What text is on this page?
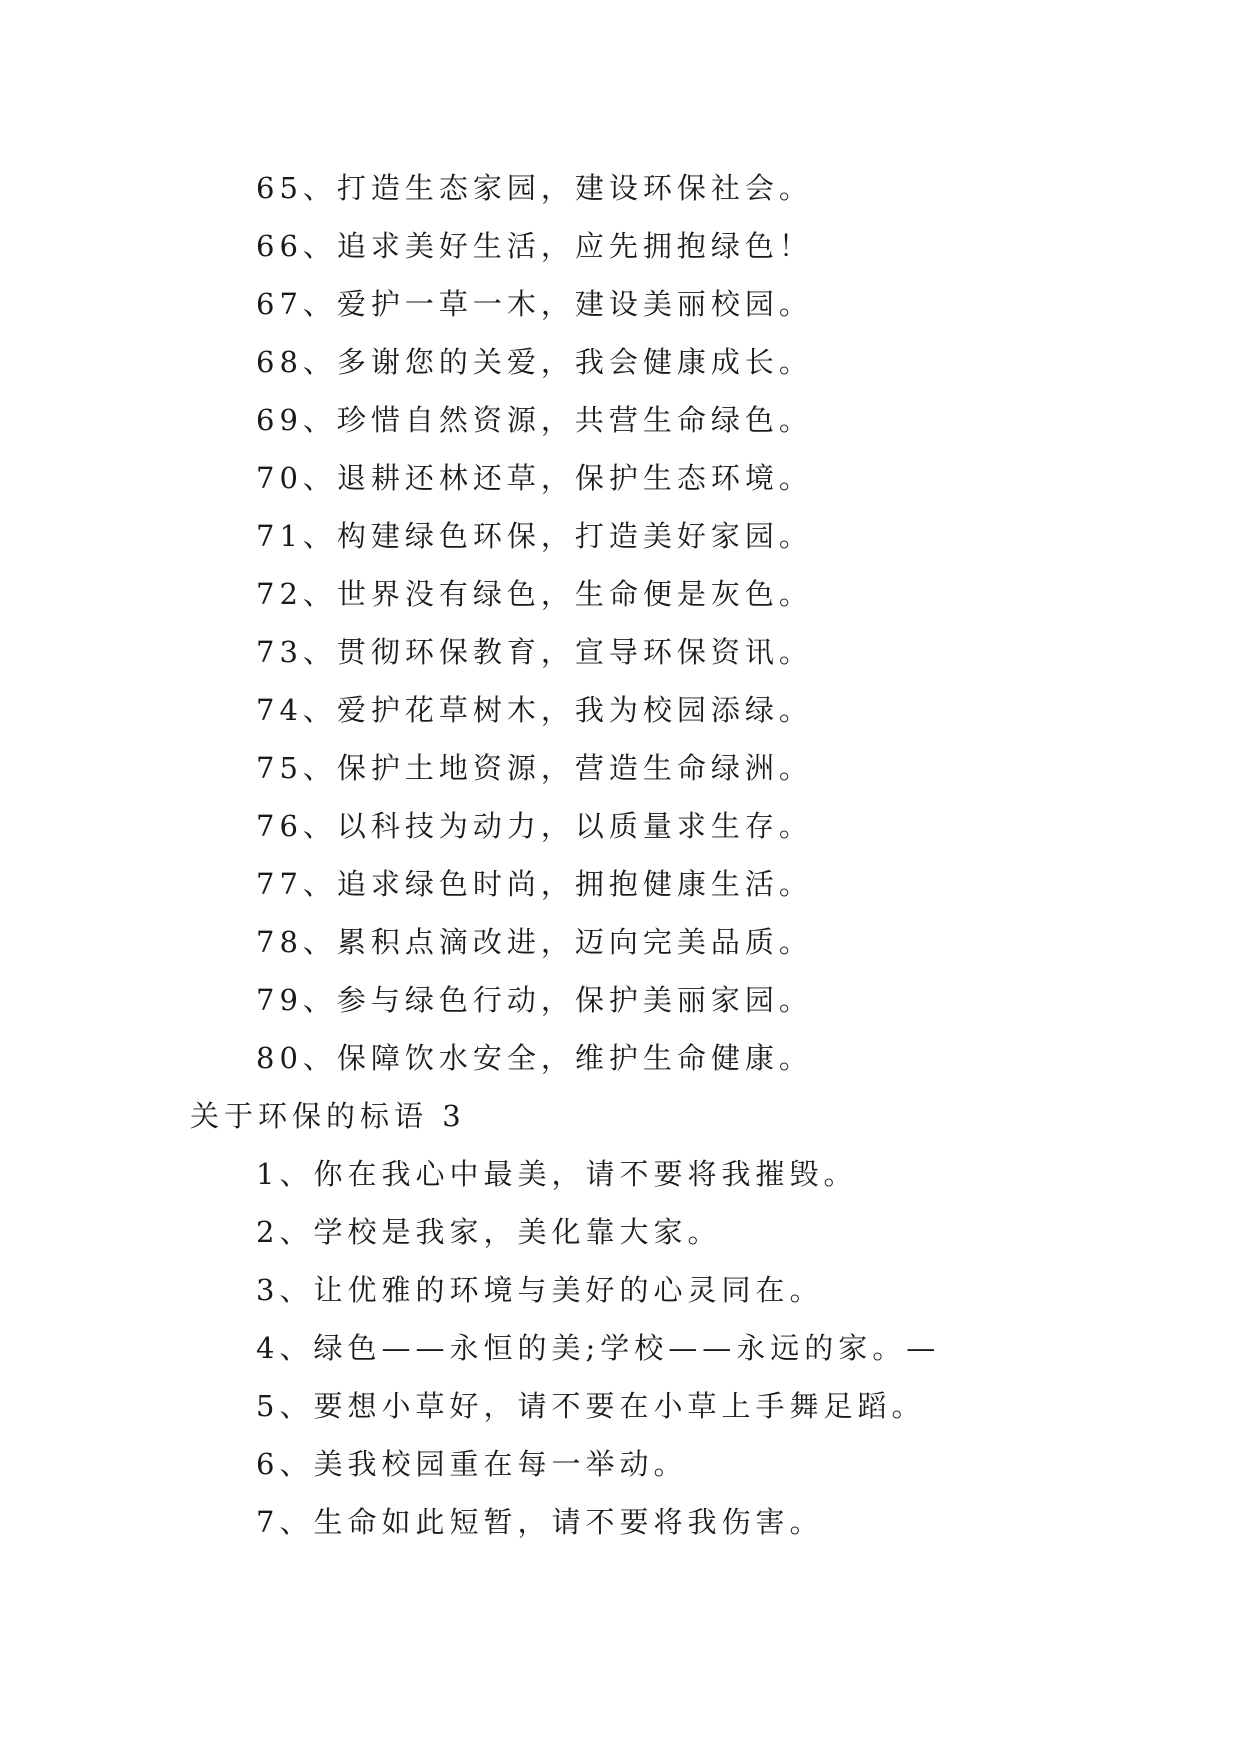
65、打造生态家园，建设环保社会。
66、追求美好生活，应先拥抱绿色！
67、爱护一草一木，建设美丽校园。
68、多谢您的关爱，我会健康成长。
69、珍惜自然资源，共营生命绿色。
70、退耕还林还草，保护生态环境。
71、构建绿色环保，打造美好家园。
72、世界没有绿色，生命便是灰色。
73、贯彻环保教育，宣导环保资讯。
74、爱护花草树木，我为校园添绿。
75、保护土地资源，营造生命绿洲。
76、以科技为动力，以质量求生存。
77、追求绿色时尚，拥抱健康生活。
78、累积点滴改进，迈向完美品质。
79、参与绿色行动，保护美丽家园。
80、保障饮水安全，维护生命健康。
关于环保的标语 3
1、你在我心中最美，请不要将我摧毁。
2、学校是我家，美化靠大家。
3、让优雅的环境与美好的心灵同在。
4、绿色——永恒的美;学校——永远的家。—
5、要想小草好，请不要在小草上手舞足蹈。
6、美我校园重在每一举动。
7、生命如此短暂，请不要将我伤害。
